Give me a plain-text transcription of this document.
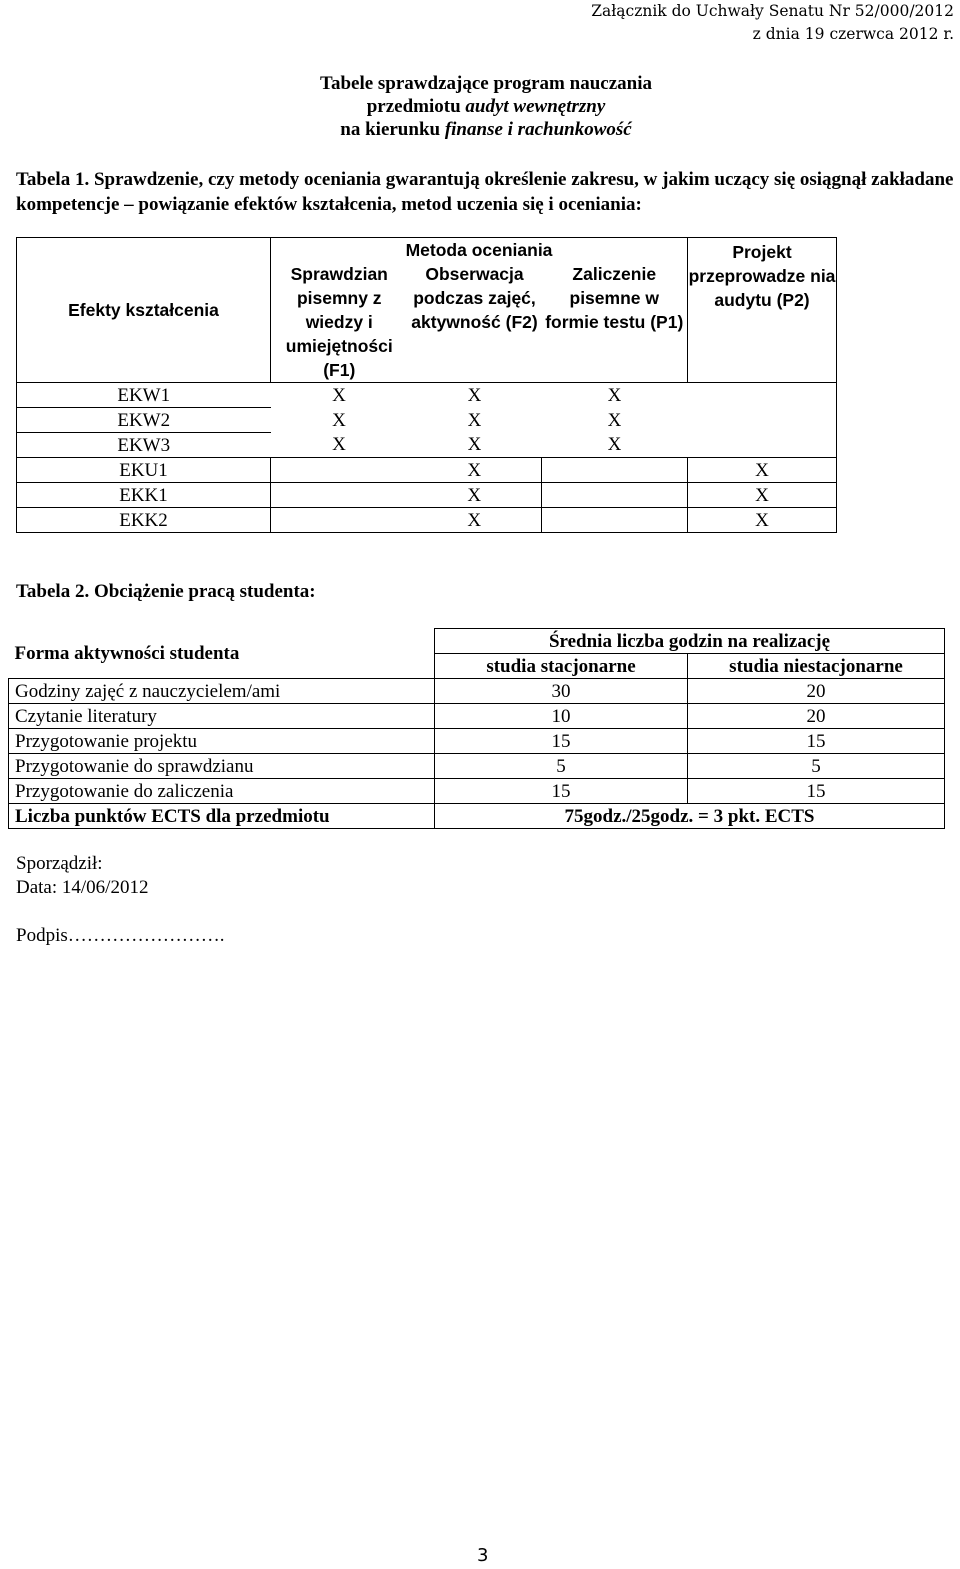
Załącznik do Uchwały Senatu Nr 52/000/2012
z dnia 19 czerwca 2012 r.
Tabele sprawdzające program nauczania
przedmiotu audyt wewnętrzny
na kierunku finanse i rachunkowość
Tabela 1. Sprawdzenie, czy metody oceniania gwarantują określenie zakresu, w jakim uczący się osiągnął zakładane kompetencje – powiązanie efektów kształcenia, metod uczenia się i oceniania:
Efekty kształcenia	Metoda oceniania			Projekt przeprowadze nia audytu (P2)
	Sprawdzian pisemny z wiedzy i umiejętności (F1)	Obserwacja podczas zajęć, aktywność (F2)	Zaliczenie pisemne w formie testu (P1)	
EKW1	X	X	X	
EKW2	X	X	X	
EKW3	X	X	X	
EKU1		X		X
EKK1		X		X
EKK2		X		X
Tabela 2. Obciążenie pracą studenta:
Forma aktywności studenta	Średnia liczba godzin na realizację	
	studia stacjonarne	studia niestacjonarne
Godziny zajęć z nauczycielem/ami	30	20
Czytanie literatury	10	20
Przygotowanie projektu	15	15
Przygotowanie do sprawdzianu	5	5
Przygotowanie do zaliczenia	15	15
Liczba punktów ECTS dla przedmiotu	75godz./25godz. = 3 pkt. ECTS	
Sporządził:
Data: 14/06/2012
Podpis…………………….
3
